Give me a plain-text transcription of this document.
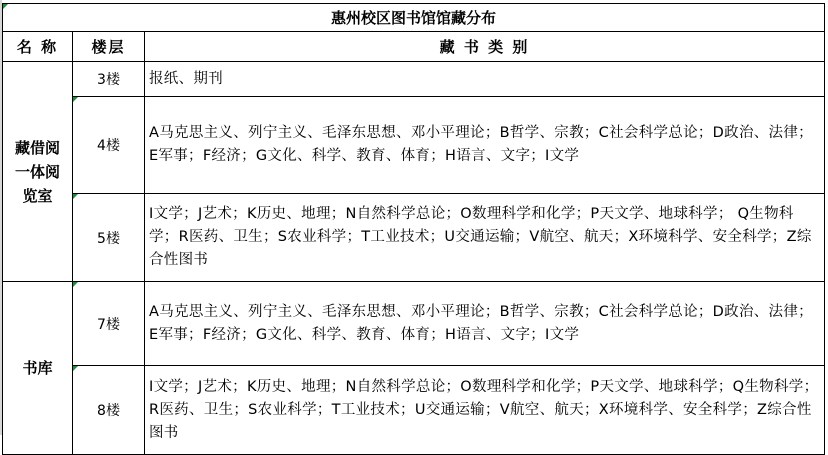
惠州校区图书馆馆藏分布		
名 称	楼层	藏 书 类 别
藏借阅一体阅览室	3楼	报纸、期刊

4楼	A马克思主义、列宁主义、毛泽东思想、邓小平理论；B哲学、宗教；C社会科学总论；D政治、法律；E军事；F经济；G文化、科学、教育、体育；H语言、文字；I文学

5楼	I文学；J艺术；K历史、地理；N自然科学总论；O数理科学和化学；P天文学、地球科学； Q生物科学；R医药、卫生；S农业科学；T工业技术；U交通运输；V航空、航天；X环境科学、安全科学；Z综合性图书

书库	7楼	A马克思主义、列宁主义、毛泽东思想、邓小平理论；B哲学、宗教；C社会科学总论；D政治、法律；E军事；F经济；G文化、科学、教育、体育；H语言、文字；I文学

8楼	I文学；J艺术；K历史、地理；N自然科学总论；O数理科学和化学；P天文学、地球科学；Q生物科学；R医药、卫生；S农业科学；T工业技术；U交通运输；V航空、航天；X环境科学、安全科学；Z综合性图书
